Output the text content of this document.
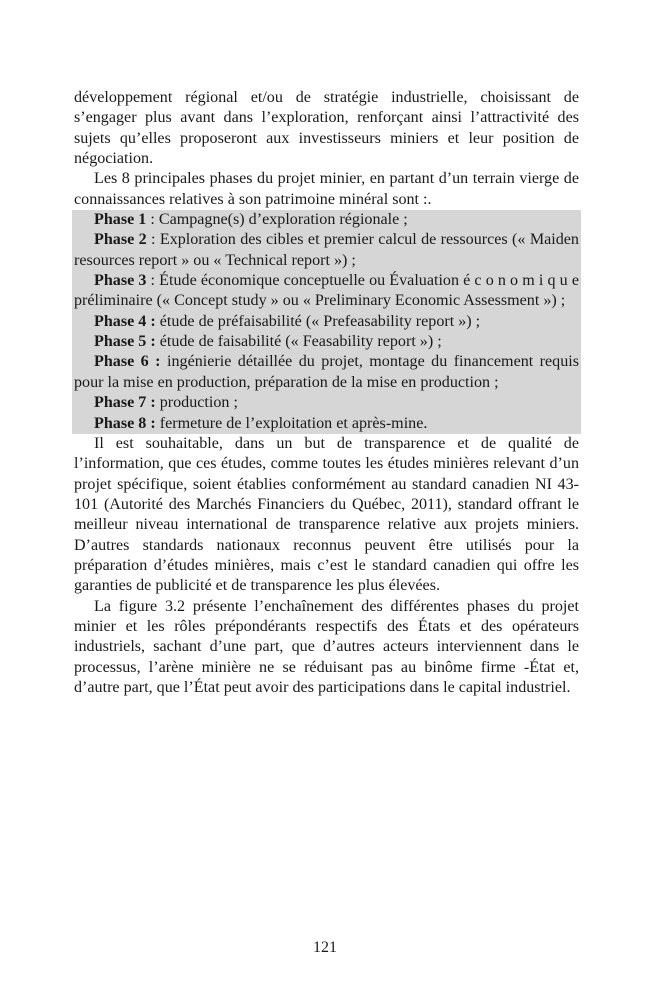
développement régional et/ou de stratégie industrielle, choisissant de s’engager plus avant dans l’exploration, renforçant ainsi l’attractivité des sujets qu’elles proposeront aux investisseurs miniers et leur position de négociation.

Les 8 principales phases du projet minier, en partant d’un terrain vierge de connaissances relatives à son patrimoine minéral sont :.

Phase 1 : Campagne(s) d’exploration régionale ;

Phase 2 : Exploration des cibles et premier calcul de ressources (« Maiden resources report » ou « Technical report ») ;

Phase 3 : Étude économique conceptuelle ou Évaluation é c o n o m i q u e préliminaire (« Concept study » ou « Preliminary Economic Assessment ») ;

Phase 4 : étude de préfaisabilité (« Prefeasability report ») ;

Phase 5 : étude de faisabilité (« Feasability report ») ;

Phase 6 : ingénierie détaillée du projet, montage du financement requis pour la mise en production, préparation de la mise en production ;

Phase 7 : production ;

Phase 8 : fermeture de l’exploitation et après-mine.

Il est souhaitable, dans un but de transparence et de qualité de l’information, que ces études, comme toutes les études minières relevant d’un projet spécifique, soient établies conformément au standard canadien NI 43-101 (Autorité des Marchés Financiers du Québec, 2011), standard offrant le meilleur niveau international de transparence relative aux projets miniers. D’autres standards nationaux reconnus peuvent être utilisés pour la préparation d’études minières, mais c’est le standard canadien qui offre les garanties de publicité et de transparence les plus élevées.

La figure 3.2 présente l’enchaînement des différentes phases du projet minier et les rôles prépondérants respectifs des États et des opérateurs industriels, sachant d’une part, que d’autres acteurs interviennent dans le processus, l’arène minière ne se réduisant pas au binôme firme -État et, d’autre part, que l’État peut avoir des participations dans le capital industriel.

121
